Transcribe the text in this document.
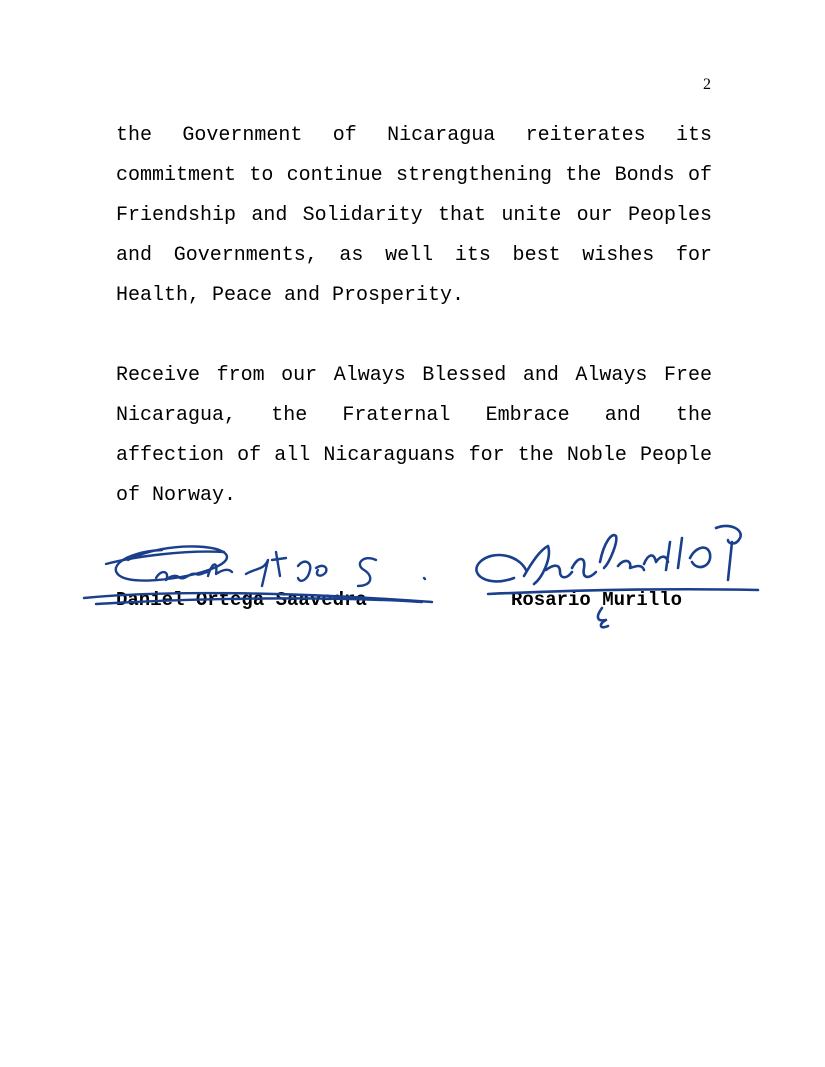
2

the Government of Nicaragua reiterates its commitment to continue strengthening the Bonds of Friendship and Solidarity that unite our Peoples and Governments, as well its best wishes for Health, Peace and Prosperity.

Receive from our Always Blessed and Always Free Nicaragua, the Fraternal Embrace and the affection of all Nicaraguans for the Noble People of Norway.

Daniel Ortega Saavedra	Rosario Murillo
